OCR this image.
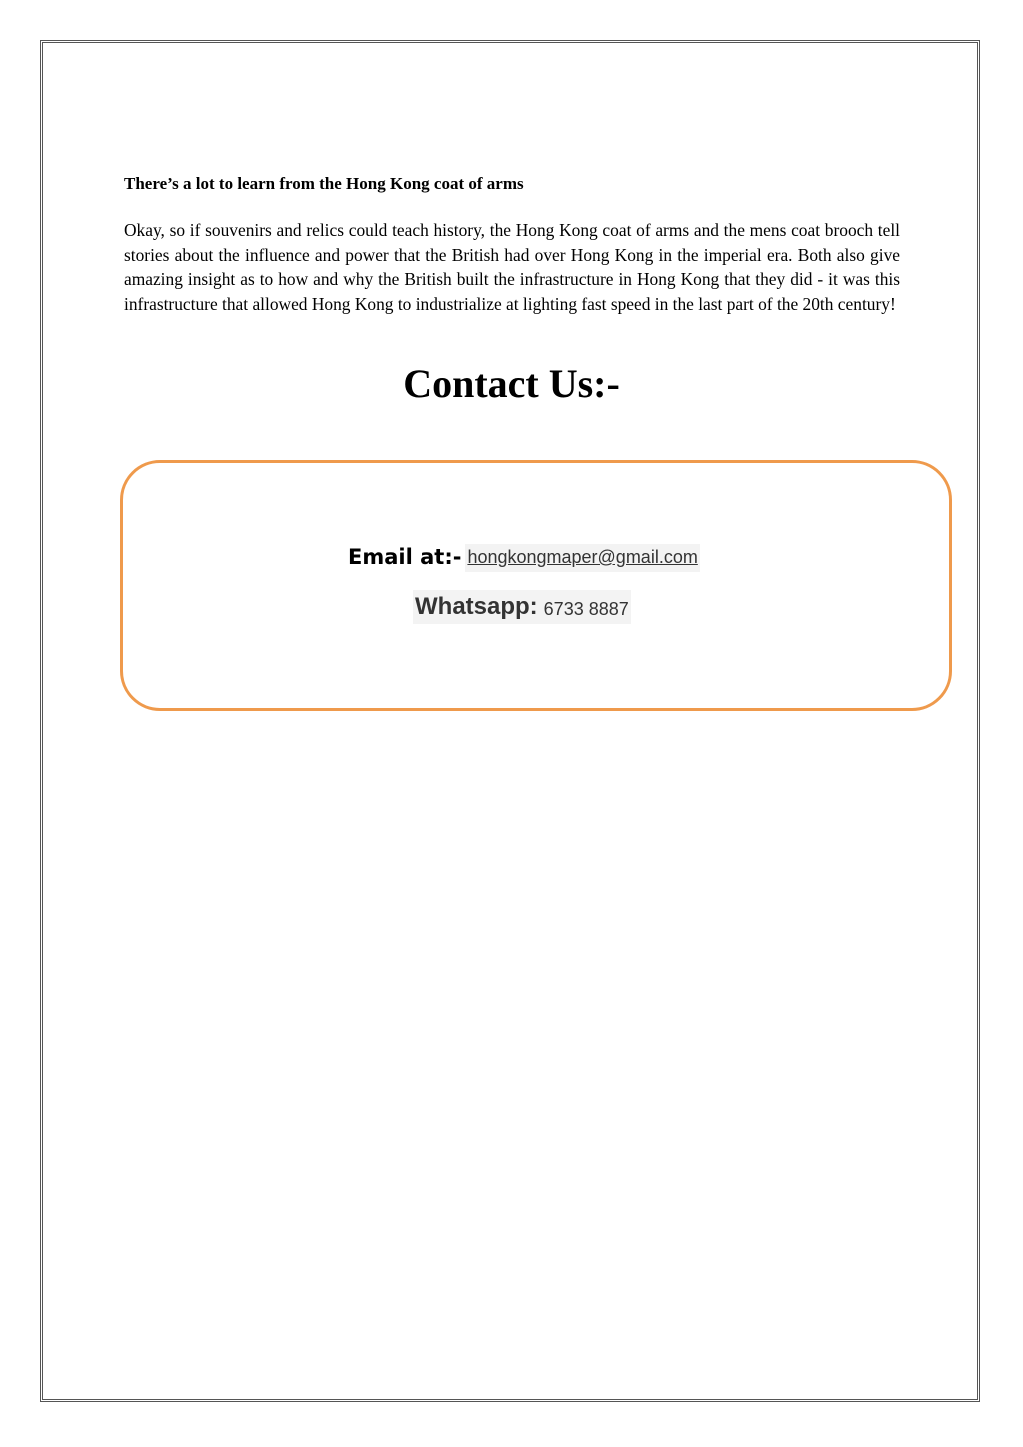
There’s a lot to learn from the Hong Kong coat of arms

Okay, so if souvenirs and relics could teach history, the Hong Kong coat of arms and the mens coat brooch tell stories about the influence and power that the British had over Hong Kong in the imperial era. Both also give amazing insight as to how and why the British built the infrastructure in Hong Kong that they did - it was this infrastructure that allowed Hong Kong to industrialize at lighting fast speed in the last part of the 20th century!

Contact Us:-
Email at:- hongkongmaper@gmail.com
Whatsapp: 6733 8887
